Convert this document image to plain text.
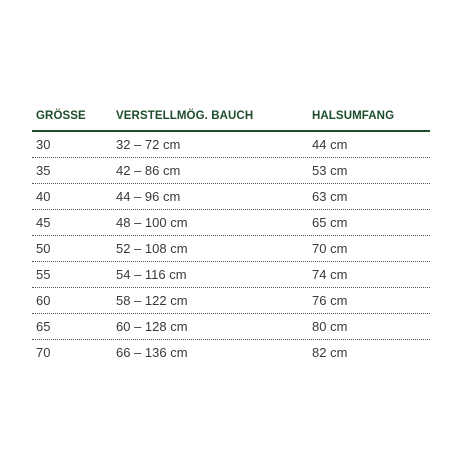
GRÖSSE	VERSTELLMÖG. BAUCH	HALSUMFANG
30	32 – 72 cm	44 cm
35	42 – 86 cm	53 cm
40	44 – 96 cm	63 cm
45	48 – 100 cm	65 cm
50	52 – 108 cm	70 cm
55	54 – 116 cm	74 cm
60	58 – 122 cm	76 cm
65	60 – 128 cm	80 cm
70	66 – 136 cm	82 cm
